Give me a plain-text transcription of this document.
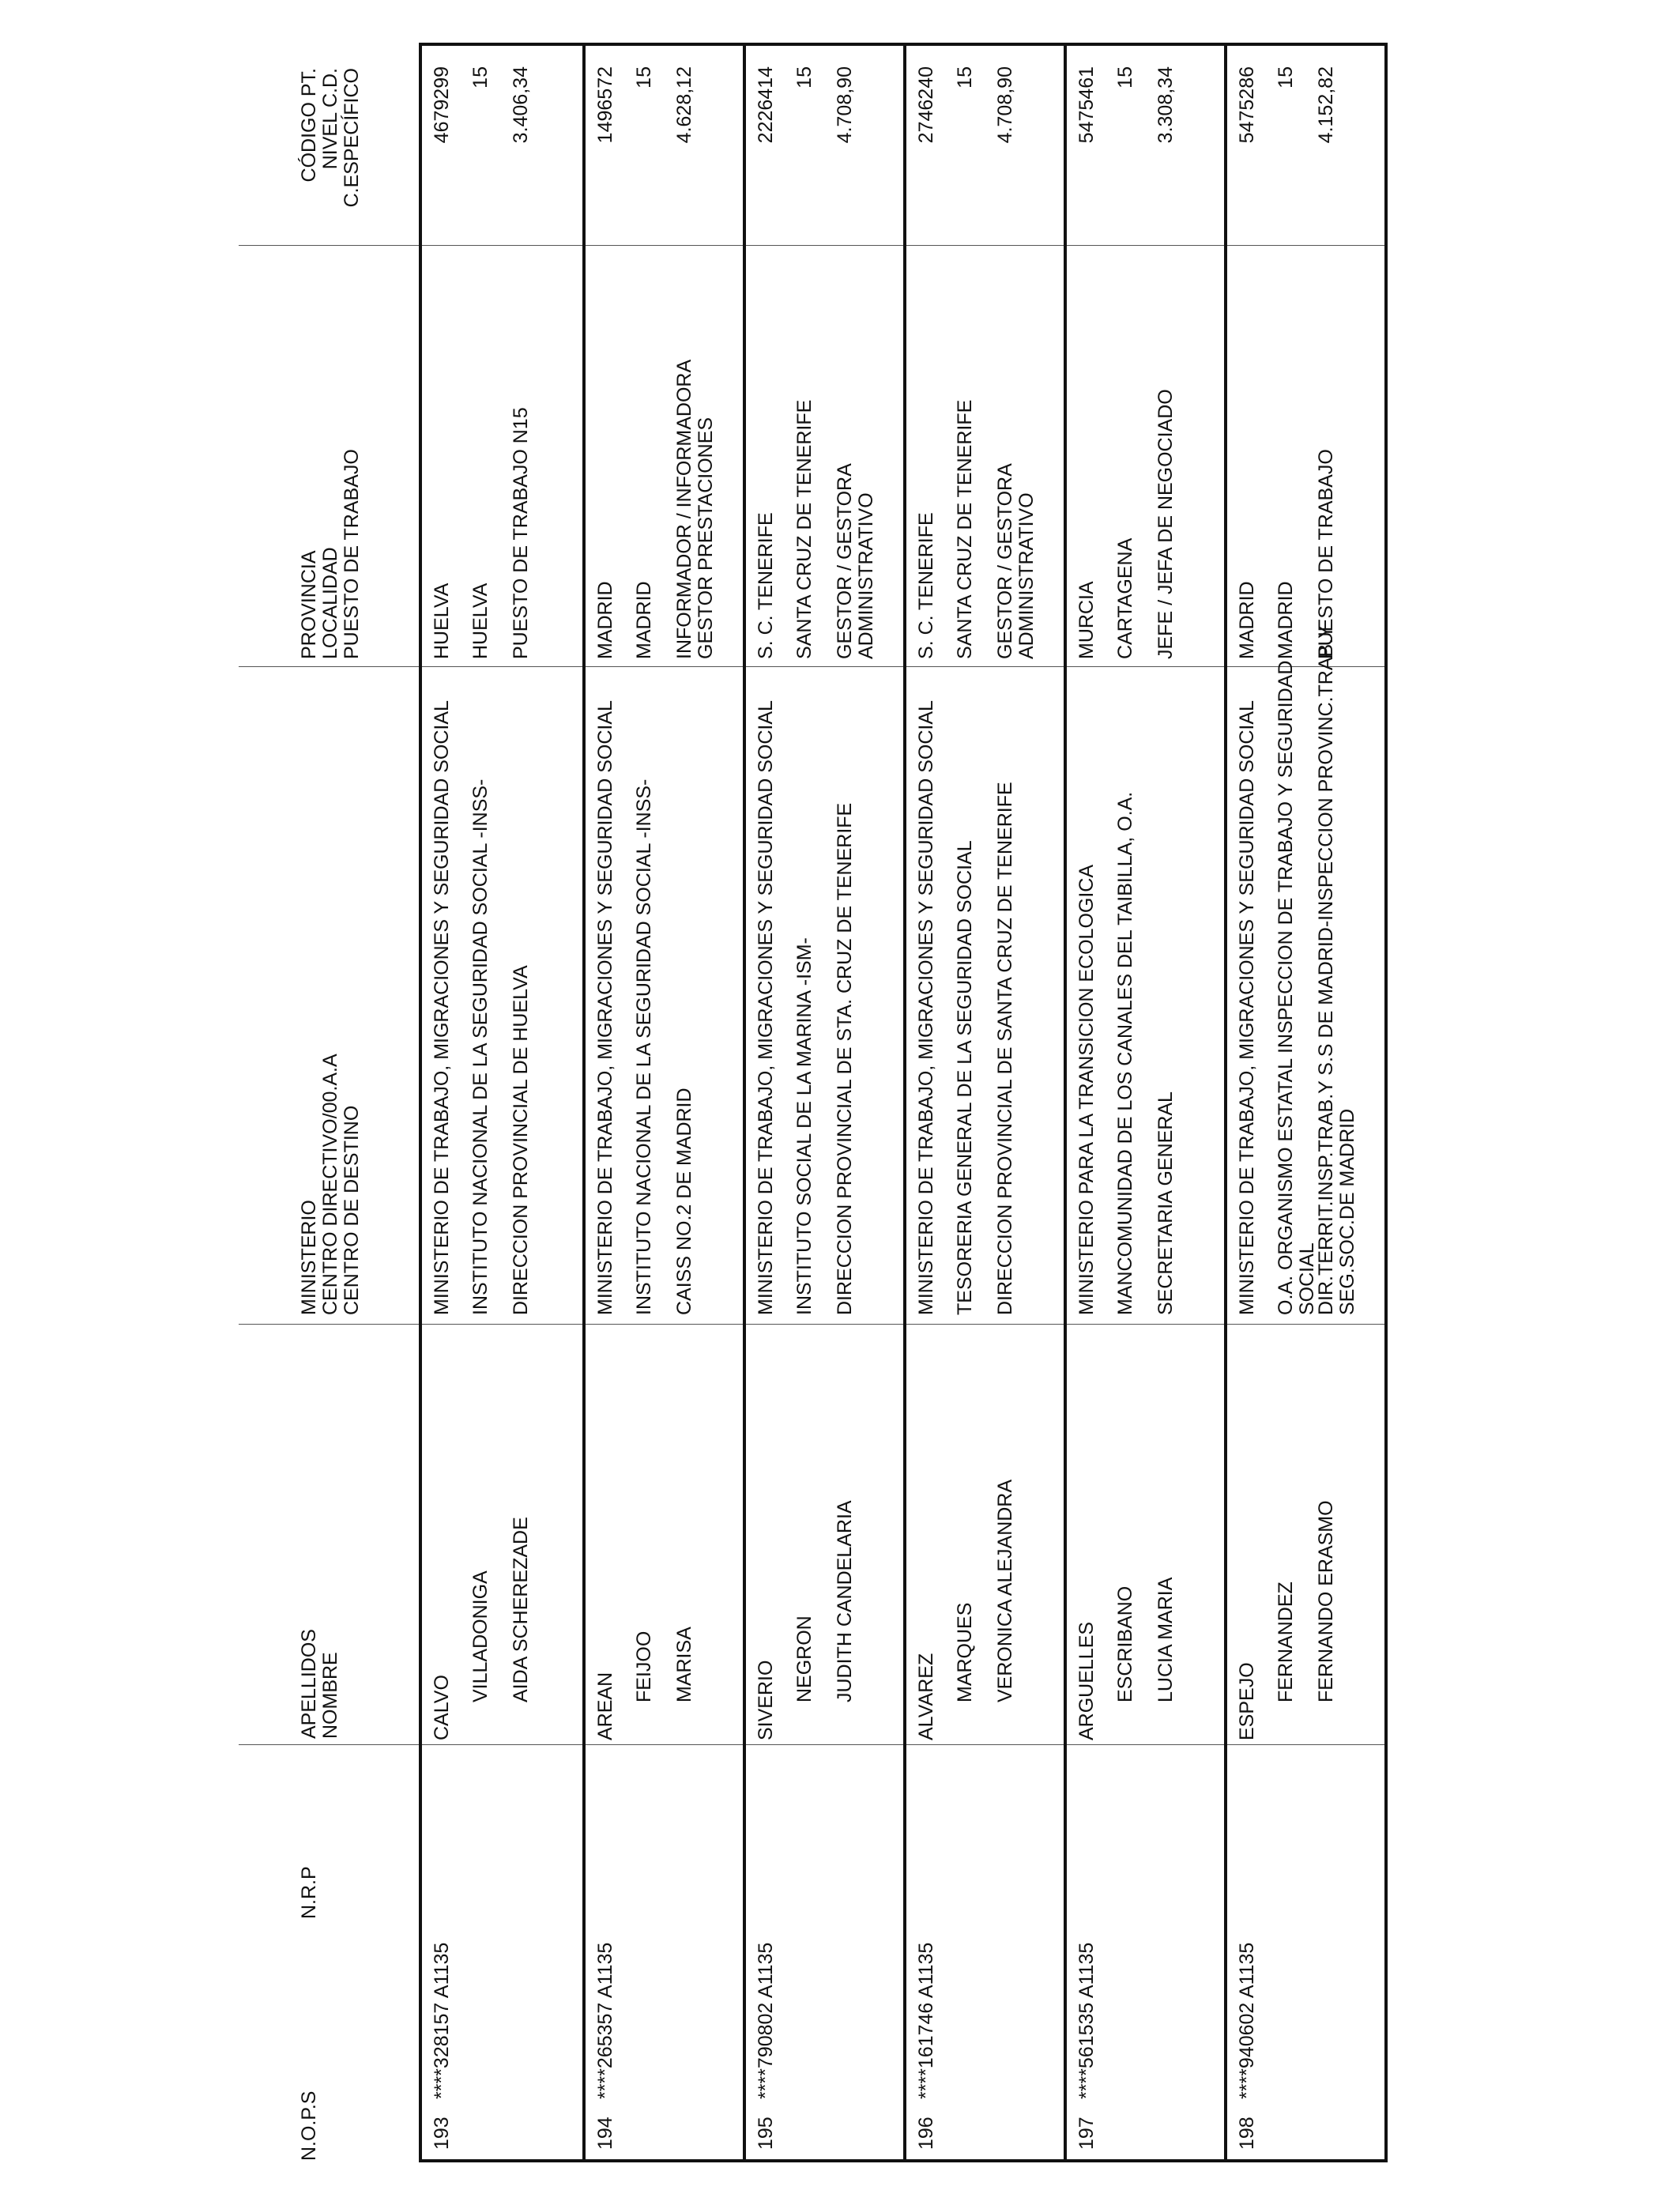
N.O.P.S
N.R.P
APELLIDOS NOMBRE
MINISTERIO CENTRO DIRECTIVO/00.A.A CENTRO DE DESTINO
PROVINCIA LOCALIDAD PUESTO DE TRABAJO
CÓDIGO PT. NIVEL C.D. C.ESPECÍFICO
193
****328157 A1135
CALVO
VILLADONIGA AIDA SCHEREZADE
MINISTERIO DE TRABAJO, MIGRACIONES Y SEGURIDAD SOCIAL INSTITUTO NACIONAL DE LA SEGURIDAD SOCIAL -INSS- DIRECCION PROVINCIAL DE HUELVA
HUELVA HUELVA PUESTO DE TRABAJO N15
4679299 15 3.406,34
194
****265357 A1135
AREAN
FEIJOO MARISA
MINISTERIO DE TRABAJO, MIGRACIONES Y SEGURIDAD SOCIAL INSTITUTO NACIONAL DE LA SEGURIDAD SOCIAL -INSS- CAISS NO.2 DE MADRID
MADRID MADRID INFORMADOR / INFORMADORA GESTOR PRESTACIONES
1496572 15 4.628,12
195
****790802 A1135
SIVERIO NEGRON JUDITH CANDELARIA
MINISTERIO DE TRABAJO, MIGRACIONES Y SEGURIDAD SOCIAL INSTITUTO SOCIAL DE LA MARINA -ISM- DIRECCION PROVINCIAL DE STA. CRUZ DE TENERIFE
S. C. TENERIFE SANTA CRUZ DE TENERIFE GESTOR / GESTORA ADMINISTRATIVO
2226414 15 4.708,90
196
****161746 A1135
ALVAREZ MARQUES VERONICA ALEJANDRA
MINISTERIO DE TRABAJO, MIGRACIONES Y SEGURIDAD SOCIAL TESORERIA GENERAL DE LA SEGURIDAD SOCIAL DIRECCION PROVINCIAL DE SANTA CRUZ DE TENERIFE
S. C. TENERIFE SANTA CRUZ DE TENERIFE GESTOR / GESTORA ADMINISTRATIVO
2746240 15 4.708,90
197
****561535 A1135
ARGUELLES ESCRIBANO LUCIA MARIA
MINISTERIO PARA LA TRANSICION ECOLOGICA MANCOMUNIDAD DE LOS CANALES DEL TAIBILLA, O.A. SECRETARIA GENERAL
MURCIA CARTAGENA JEFE / JEFA DE NEGOCIADO
5475461 15 3.308,34
198
****940602 A1135
ESPEJO FERNANDEZ FERNANDO ERASMO
MINISTERIO DE TRABAJO, MIGRACIONES Y SEGURIDAD SOCIAL O.A. ORGANISMO ESTATAL INSPECCION DE TRABAJO Y SEGURIDAD SOCIAL
DIR.TERRIT.INSP.TRAB.Y S.S DE MADRID-INSPECCION PROVINC.TRAB.Y SEG.SOC.DE MADRID
MADRID MADRID PUESTO DE TRABAJO
5475286 15 4.152,82
